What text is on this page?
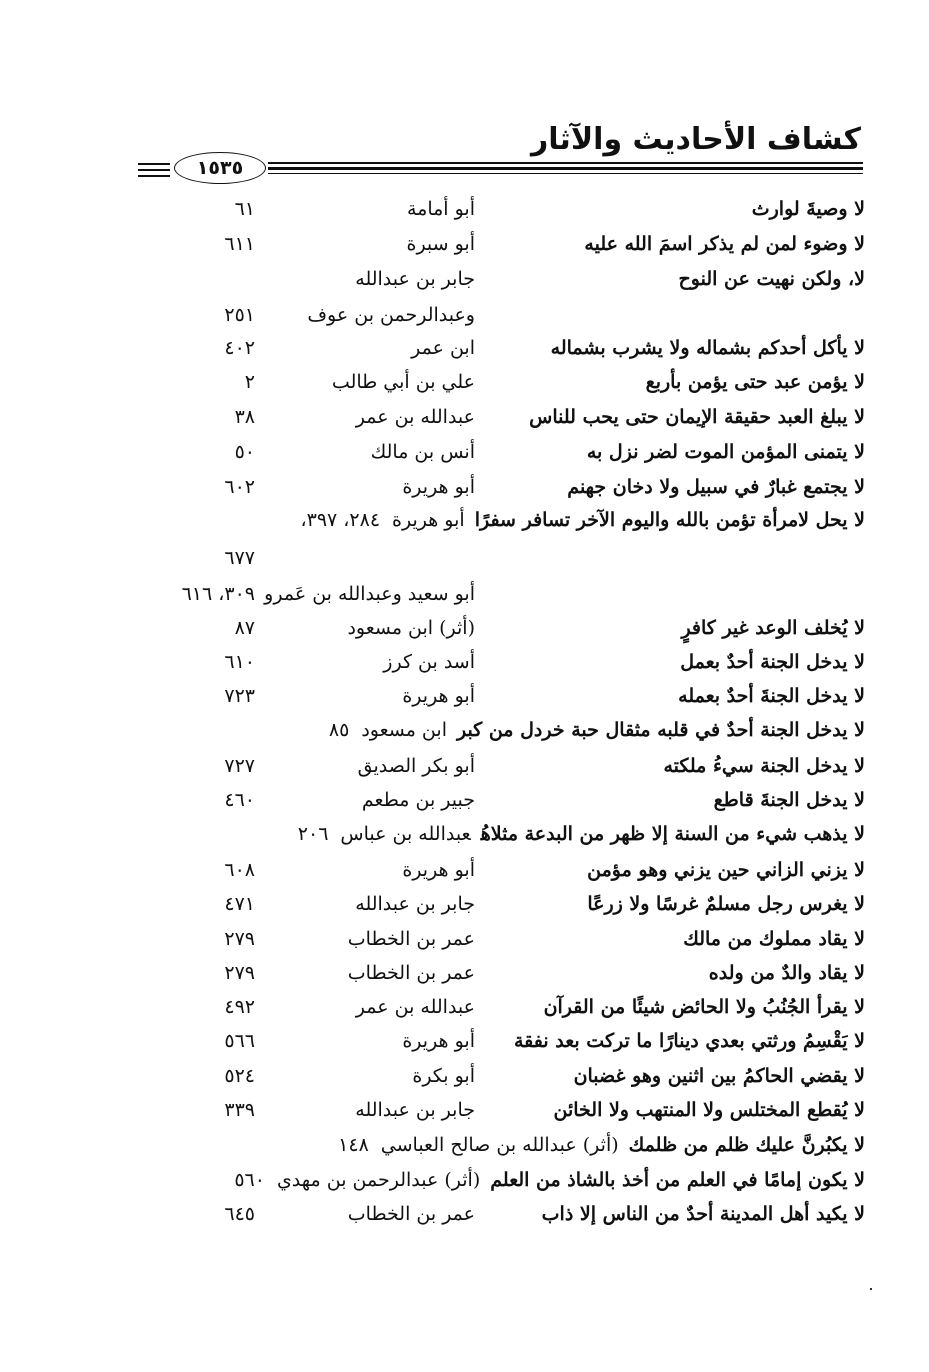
كشاف الأحاديث والآثار
١٥٣٥
لا وصيةَ لوارث
أبو أمامة
٦١
لا وضوء لمن لم يذكر اسمَ الله عليه
أبو سبرة
٦١١
لا، ولكن نهيت عن النوح
جابر بن عبدالله
وعبدالرحمن بن عوف
٢٥١
لا يأكل أحدكم بشماله ولا يشرب بشماله
ابن عمر
٤٠٢
لا يؤمن عبد حتى يؤمن بأربع
علي بن أبي طالب
٢
لا يبلغ العبد حقيقة الإيمان حتى يحب للناس
عبدالله بن عمر
٣٨
لا يتمنى المؤمن الموت لضر نزل به
أنس بن مالك
٥٠
لا يجتمع غبارٌ في سبيل ولا دخان جهنم
أبو هريرة
٦٠٢
لا يحل لامرأة تؤمن بالله واليوم الآخر تسافر سفرًاأبو هريرة٢٨٤، ٣٩٧،
٦٧٧
أبو سعيد وعبدالله بن عَمرو
٣٠٩، ٦١٦
لا يُخلف الوعد غير كافرٍ
(أثر) ابن مسعود
٨٧
لا يدخل الجنة أحدٌ بعمل
أسد بن كرز
٦١٠
لا يدخل الجنةَ أحدٌ بعمله
أبو هريرة
٧٢٣
لا يدخل الجنة أحدٌ في قلبه مثقال حبة خردل من كبرابن مسعود٨٥
لا يدخل الجنة سيءُ ملكته
أبو بكر الصديق
٧٢٧
لا يدخل الجنةَ قاطع
جبير بن مطعم
٤٦٠
لا يذهب شيء من السنة إلا ظهر من البدعة مثلاهُعبدالله بن عباس٢٠٦
لا يزني الزاني حين يزني وهو مؤمن
أبو هريرة
٦٠٨
لا يغرس رجل مسلمٌ غرسًا ولا زرعًا
جابر بن عبدالله
٤٧١
لا يقاد مملوك من مالك
عمر بن الخطاب
٢٧٩
لا يقاد والدٌ من ولده
عمر بن الخطاب
٢٧٩
لا يقرأ الجُنُبُ ولا الحائض شيئًا من القرآن
عبدالله بن عمر
٤٩٢
لا يَقْسِمُ ورثتي بعدي دينارًا ما تركت بعد نفقة
أبو هريرة
٥٦٦
لا يقضي الحاكمُ بين اثنين وهو غضبان
أبو بكرة
٥٢٤
لا يُقطع المختلس ولا المنتهب ولا الخائن
جابر بن عبدالله
٣٣٩
لا يكبُرنَّ عليك ظلم من ظلمك(أثر) عبدالله بن صالح العباسي١٤٨
لا يكون إمامًا في العلم من أخذ بالشاذ من العلم(أثر) عبدالرحمن بن مهدي٥٦٠
لا يكيد أهل المدينة أحدٌ من الناس إلا ذاب
عمر بن الخطاب
٦٤٥
